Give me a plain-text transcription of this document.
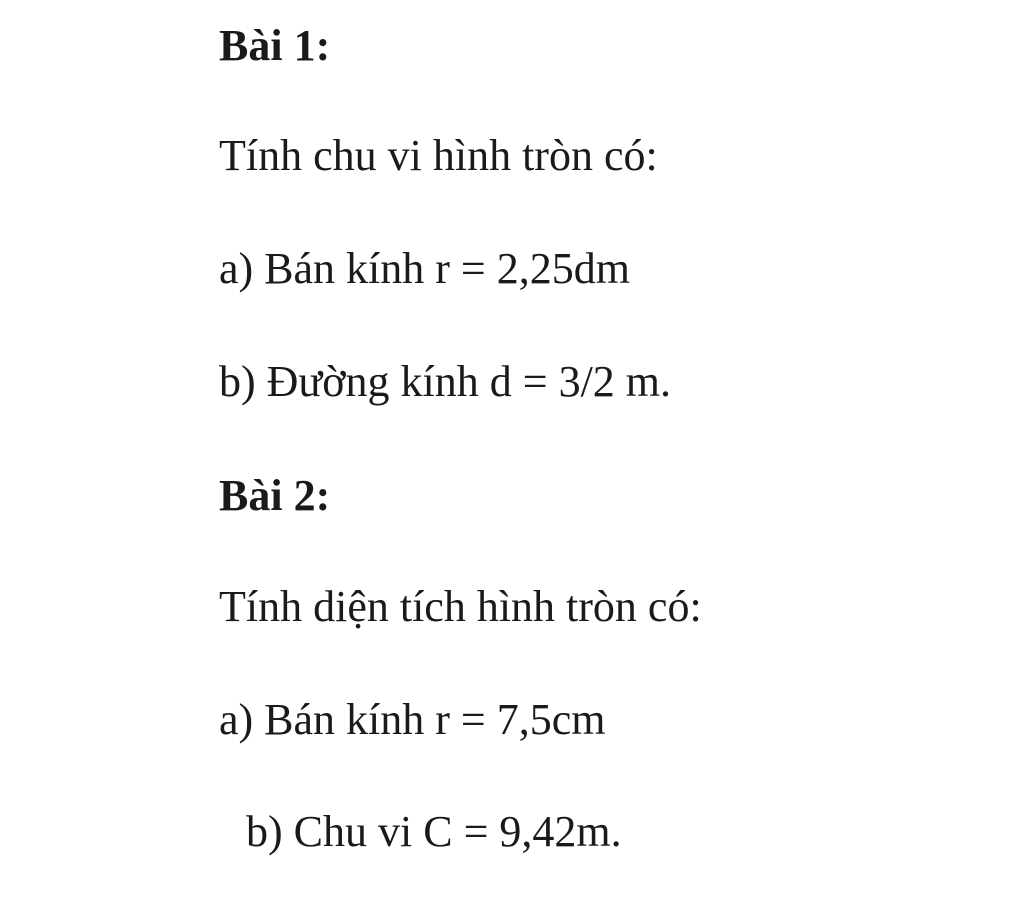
Bài 1:

Tính chu vi hình tròn có:

a) Bán kính r = 2,25dm

b) Đường kính d = 3/2 m.

Bài 2:

Tính diện tích hình tròn có:

a) Bán kính r = 7,5cm

b) Chu vi C = 9,42m.
